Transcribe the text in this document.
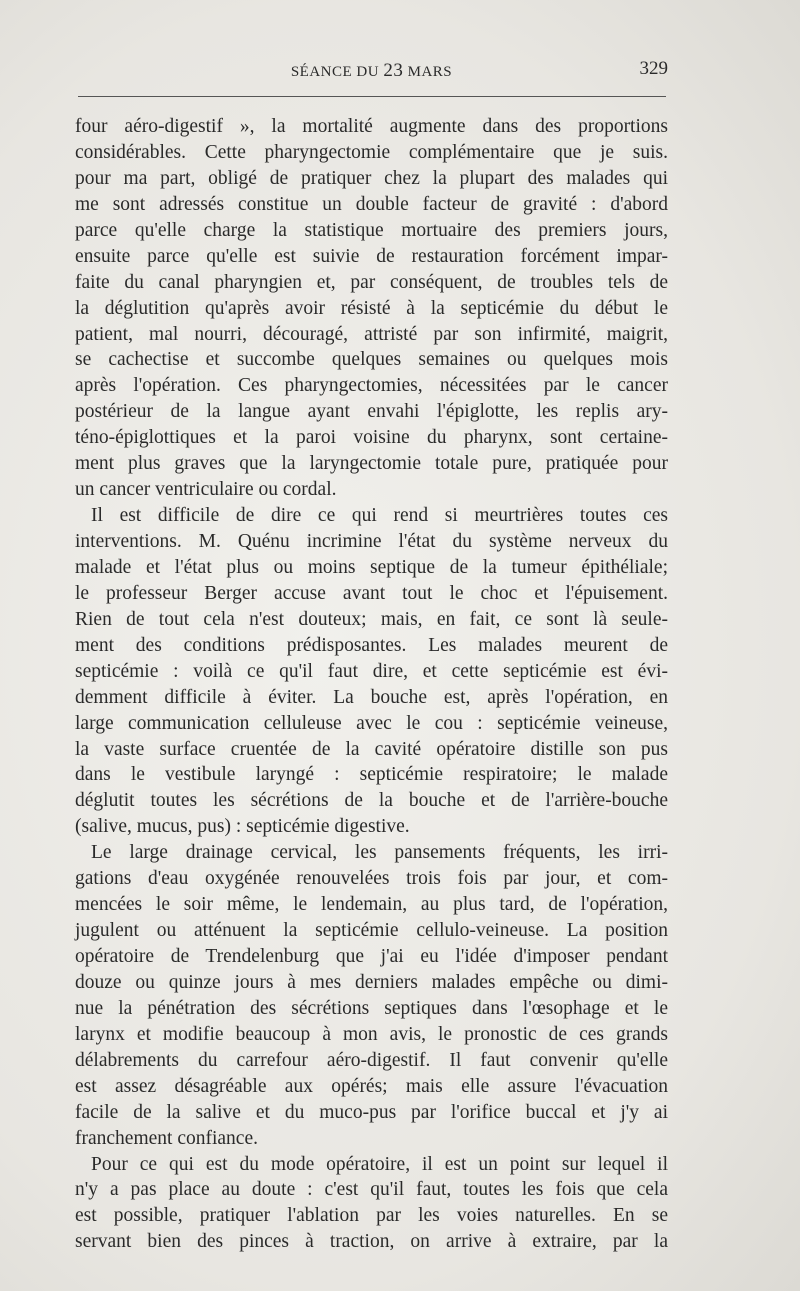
SÉANCE DU 23 MARS	329
four aéro-digestif », la mortalité augmente dans des proportions
considérables. Cette pharyngectomie complémentaire que je suis.
pour ma part, obligé de pratiquer chez la plupart des malades qui
me sont adressés constitue un double facteur de gravité : d'abord
parce qu'elle charge la statistique mortuaire des premiers jours,
ensuite parce qu'elle est suivie de restauration forcément impar-
faite du canal pharyngien et, par conséquent, de troubles tels de
la déglutition qu'après avoir résisté à la septicémie du début le
patient, mal nourri, découragé, attristé par son infirmité, maigrit,
se cachectise et succombe quelques semaines ou quelques mois
après l'opération. Ces pharyngectomies, nécessitées par le cancer
postérieur de la langue ayant envahi l'épiglotte, les replis ary-
téno-épiglottiques et la paroi voisine du pharynx, sont certaine-
ment plus graves que la laryngectomie totale pure, pratiquée pour
un cancer ventriculaire ou cordal.
Il est difficile de dire ce qui rend si meurtrières toutes ces
interventions. M. Quénu incrimine l'état du système nerveux du
malade et l'état plus ou moins septique de la tumeur épithéliale;
le professeur Berger accuse avant tout le choc et l'épuisement.
Rien de tout cela n'est douteux; mais, en fait, ce sont là seule-
ment des conditions prédisposantes. Les malades meurent de
septicémie : voilà ce qu'il faut dire, et cette septicémie est évi-
demment difficile à éviter. La bouche est, après l'opération, en
large communication celluleuse avec le cou : septicémie veineuse,
la vaste surface cruentée de la cavité opératoire distille son pus
dans le vestibule laryngé : septicémie respiratoire; le malade
déglutit toutes les sécrétions de la bouche et de l'arrière-bouche
(salive, mucus, pus) : septicémie digestive.
Le large drainage cervical, les pansements fréquents, les irri-
gations d'eau oxygénée renouvelées trois fois par jour, et com-
mencées le soir même, le lendemain, au plus tard, de l'opération,
jugulent ou atténuent la septicémie cellulo-veineuse. La position
opératoire de Trendelenburg que j'ai eu l'idée d'imposer pendant
douze ou quinze jours à mes derniers malades empêche ou dimi-
nue la pénétration des sécrétions septiques dans l'œsophage et le
larynx et modifie beaucoup à mon avis, le pronostic de ces grands
délabrements du carrefour aéro-digestif. Il faut convenir qu'elle
est assez désagréable aux opérés; mais elle assure l'évacuation
facile de la salive et du muco-pus par l'orifice buccal et j'y ai
franchement confiance.
Pour ce qui est du mode opératoire, il est un point sur lequel il
n'y a pas place au doute : c'est qu'il faut, toutes les fois que cela
est possible, pratiquer l'ablation par les voies naturelles. En se
servant bien des pinces à traction, on arrive à extraire, par la
